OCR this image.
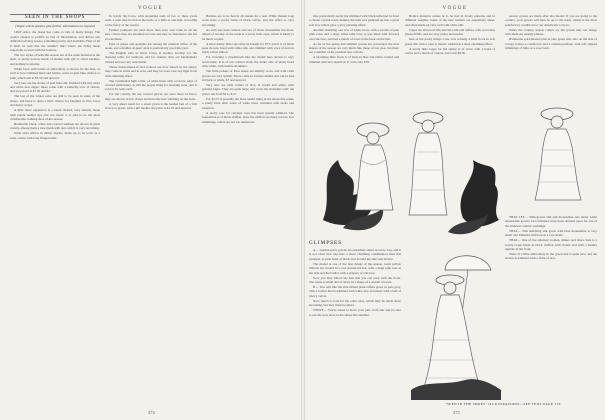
VOGUE
SEEN IN THE SHOPS
(Vogue will be glad to give further information on request)

LIKE Alice, the tissue has come to talk of many things. The week's chapter is prolific in bits of information, and almost any difficult trail may lead to something pretty and desirable. First of all it must be said that the summer shirt waists are being made especially to wear with the bodices.

The two styles of belts this season are of the same material as the shirt, or pretty narrow bands of leather with gilt or silver buckles, and nothing is smarter.

White lawn with bands of embroidery is shown for the heat, as well as lace-trimmed linen and batiste, some in pale blue, mauve or pink, which sell at $3.50 and upward.

Very new are the stocks of pale blue silk, finished with tiny tucks and white lace edges; these come with a butterfly bow of ribbon, and are priced at $1.50 and $2.

The last of the winter sales are still to be seen in some of the shops, and there is quite a little chance for bargains in furs, laces and heavy wraps.

A little more expensive is a black Oxford, very smartly made with patent leather tips and low heels; it is said to be the most comfortable walking shoe of the season.

Handsome black, white and colored veilings are shown in great variety, among them a new mesh with dots which is very becoming.

Wide satin ribbon in dainty shades, made up to be worn as a sash, comes with long fringed ends.

In lovely big bows, with streaming ends of two or three yards each, a sash may be tied at the back, or a little to one side, according to the fancy of the wearer.

Feather pompons are used more than ever, and come in all the new colors; they are mounted on wire and may be fastened to the hat in a moment.

Fans of gauze and spangles are among the prettiest trifles of the week, and a mother-of-pearl stick is particularly good this year.

The English idea in silver boxes is another novelty, for the dressing table, for bonbons, and for stamps; they are handsomely chased and are very reasonable.

Those much-talked-of lace boleros are now shown in the shops; they come in white and in ecru, and may be worn over any light frock with charming effect.

The continental high collar, of white linen with a narrow edge of colored embroidery, is still the proper thing for morning wear, and is sold at 25 cents each.

For the country the tan colored gloves are once more in favor; they are shown in two clasps and have the new stitching on the back.

A very smart touch for a street gown is the leather belt of a rich brown or green, with a gilt buckle; the price is $1.25 and upward.

Buckles are to be had in all shades for a suit. White flannel long coats have a pretty band of black velvet, and the effect is very becoming.

As each has been written and out of black mousseline the most-talked-of novelty of the week is a pretty little cape, which is likely to be much copied.

A most dainty little cape may be bought for $75; and it is of black peau de soie, lined with white silk, and trimmed with rows of narrow black velvet ribbon.

For traveling a mackintosh like the model here shown is very serviceable. It is of tan colored cloth, the under side of plaid, lined with white, with double shoulders.

The little jackets of Eton shape are smartly worn, and with cloth gowns are very stylish. These come in various shades and can be had in black or white, $7 and upward.

Very new are wide collars of lace, in cream and white, with pointed edges. They are quite large, and cover the shoulders well; the prices run from $4 to $12.

For $2.75 is possibly the most useful thing in the shops this week, a pretty little shirt waist of white lawn, trimmed with tucks and insertion.

A pretty case for carriage wear has been greatly admired. The foundation is of black chiffon. Over the chiffon are many narrow lace trimmings, which are not too numerous.

374
VOGUE

One particularly pretty hat trimmed with black tulle had in front a cluster of pink roses; behind, the tulle was gathered up into a great soft bow which gave a very pleasing effect.

Another charming one was of white straw, with a wreath of pale pink roses and a large white tulle bow; it was tilted well forward over the face, and had a bunch of roses at the back on the hair.

As far as the spring and summer gowns are concerned, the new shapes of the season are very much like those of last year, but there are a number of the prettiest new cottons.

A charming little frock is of lawn in blue and white, tucked and trimmed with lace insertion. It costs only $18.

Bodice material comes in to be had in lovely patterns and in different weights. Some of the new batistes are exquisitely sheer, and often made up very well with white silk.

Capes are shown in silk and shot silk and taffeta, with accordion pleated frills, and are very pretty and useful.

One of the pretty things I saw was actually a little frock in soft green silk with a cape to match, which has a most charming effect.

A pretty little toque for the spring is of straw with a band of velvet and a bunch of violets, and costs $8.50.

newest gowns are made after that model. If you are going to the country, your gowns will then be up to the mark, which is the most satisfactory condition for our Americans to be in.

When the country season comes on, the gowns that one brings with them are usually plainer.

Handsome gold-headed pins in pale green silk, also on the side of a large bodice a cream lace and a camelia perhaps, with soft slipped trimmings of tulle on a rose bush.

GLIMPSES

A— Garden-party gowns are extremely smart in every way, and it is not often that one sees a more charming combination than this example. A wide band of black lace around the skirt and bodice.

The model is one of the best things of the season. Gold yellow ribbons are wound in a coil around the hat, with a large pink rose at the side and the bodice with a drapery of soft lace.

Now you may follow the hats that you can wear with the frock. The toque is small and of straw in a shape of a wreath of roses.

B— You will like the fine ribbed plain taffeta gown in pale gray, with a bodice that is trimmed with white lace and made with a belt of cherry velvet.

Now, here's to look for the other ones, which may be much more becoming, but they must be smart.

WHITE— You're asked to leave your pale cloth suit and be sure to use the new laces in the shops this summer.

THAT LET— Slim-gowns silk and mousseline sets under white mousseline gowns, lace trimmed, have been decided upon for one of the smartest country weddings.

THAT— This matching silk gown with blue mousseline is very smart and trimmed with lace in a rare shade.

THAT— One of the smartest women, dinner and dance hats is a lovely toque made in black chiffon with violets and with a feather aigrette in the front.

There is a little embroidery in the gown that is quite new, and the bodice is trimmed with a fichu of lace.

"SEEN IN THE SHOPS" ILLUSTRATIONS—SEE TEXT PAGE 374
375
